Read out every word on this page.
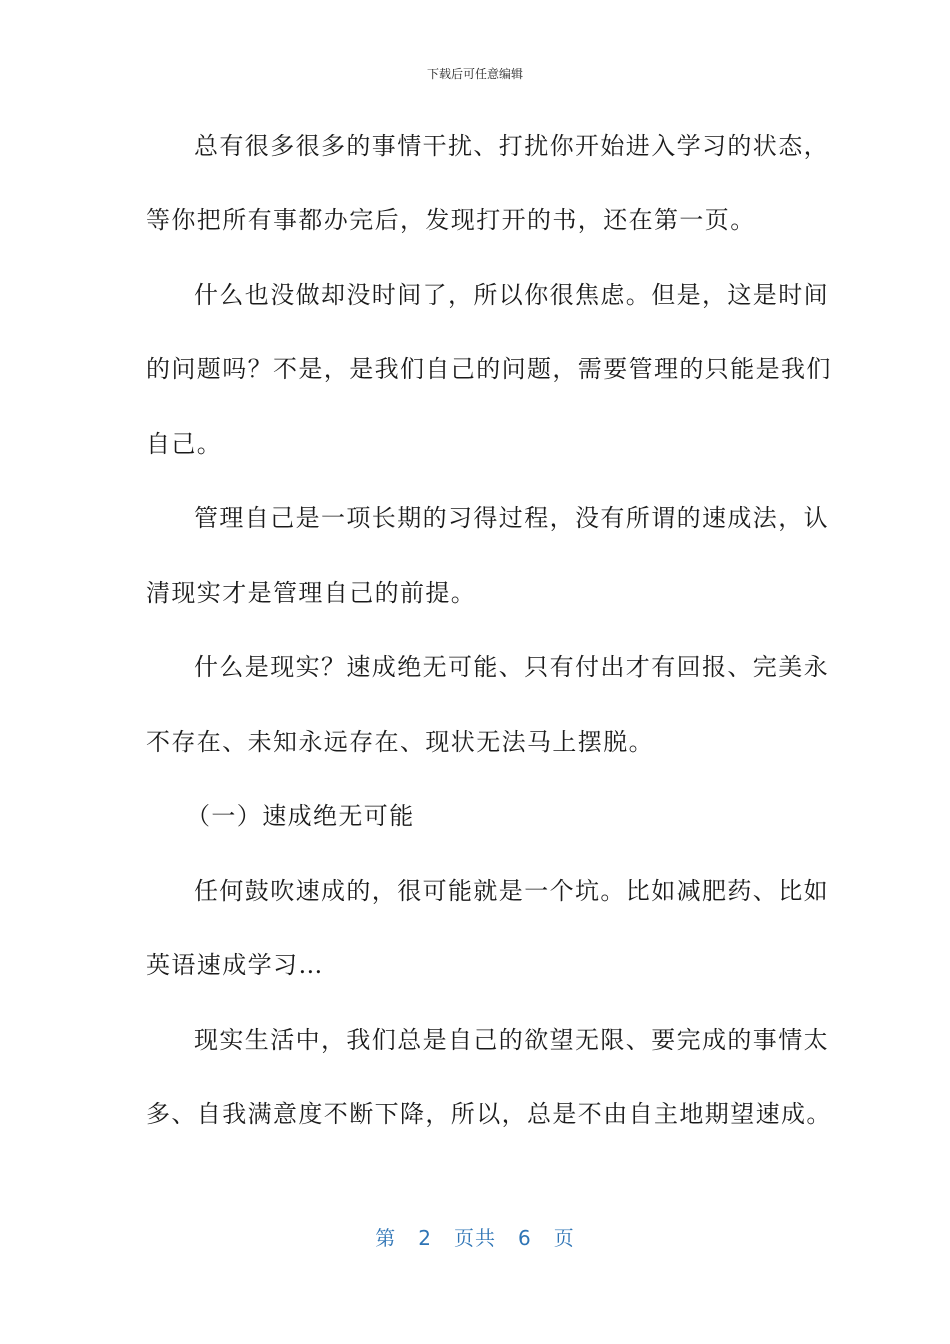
下载后可任意编辑
总有很多很多的事情干扰、打扰你开始进入学习的状态，
等你把所有事都办完后，发现打开的书，还在第一页。
什么也没做却没时间了，所以你很焦虑。但是，这是时间
的问题吗？不是，是我们自己的问题，需要管理的只能是我们
自己。
管理自己是一项长期的习得过程，没有所谓的速成法，认
清现实才是管理自己的前提。
什么是现实？速成绝无可能、只有付出才有回报、完美永
不存在、未知永远存在、现状无法马上摆脱。
（一）速成绝无可能
任何鼓吹速成的，很可能就是一个坑。比如减肥药、比如
英语速成学习…
现实生活中，我们总是自己的欲望无限、要完成的事情太
多、自我满意度不断下降，所以，总是不由自主地期望速成。
第 2 页共 6 页
